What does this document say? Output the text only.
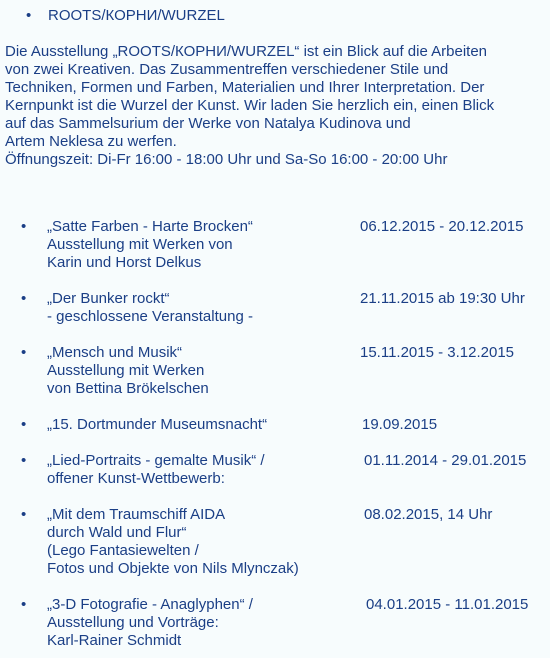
•	ROOTS/КОРНИ/WURZEL

Die Ausstellung „ROOTS/КОРНИ/WURZEL“ ist ein Blick auf die Arbeiten
von zwei Kreativen. Das Zusammentreffen verschiedener Stile und
Techniken, Formen und Farben, Materialien und Ihrer Interpretation. Der
Kernpunkt ist die Wurzel der Kunst. Wir laden Sie herzlich ein, einen Blick
auf das Sammelsurium der Werke von Natalya Kudinova und
Artem Neklesa zu werfen.
Öffnungszeit: Di-Fr 16:00 - 18:00 Uhr und Sa-So 16:00 - 20:00 Uhr

• „Satte Farben - Harte Brocken“
Ausstellung mit Werken von
Karin und Horst Delkus
06.12.2015 - 20.12.2015
• „Der Bunker rockt“
- geschlossene Veranstaltung -
21.11.2015 ab 19:30 Uhr
• „Mensch und Musik“
Ausstellung mit Werken
von Bettina Brökelschen
15.11.2015 - 3.12.2015
• „15. Dortmunder Museumsnacht“	19.09.2015
• „Lied-Portraits - gemalte Musik“ /
offener Kunst-Wettbewerb:
01.11.2014 - 29.01.2015
• „Mit dem Traumschiff AIDA
durch Wald und Flur“
(Lego Fantasiewelten /
Fotos und Objekte von Nils Mlynczak)
08.02.2015, 14 Uhr
• „3-D Fotografie - Anaglyphen“ /
Ausstellung und Vorträge:
Karl-Rainer Schmidt
04.01.2015 - 11.01.2015
